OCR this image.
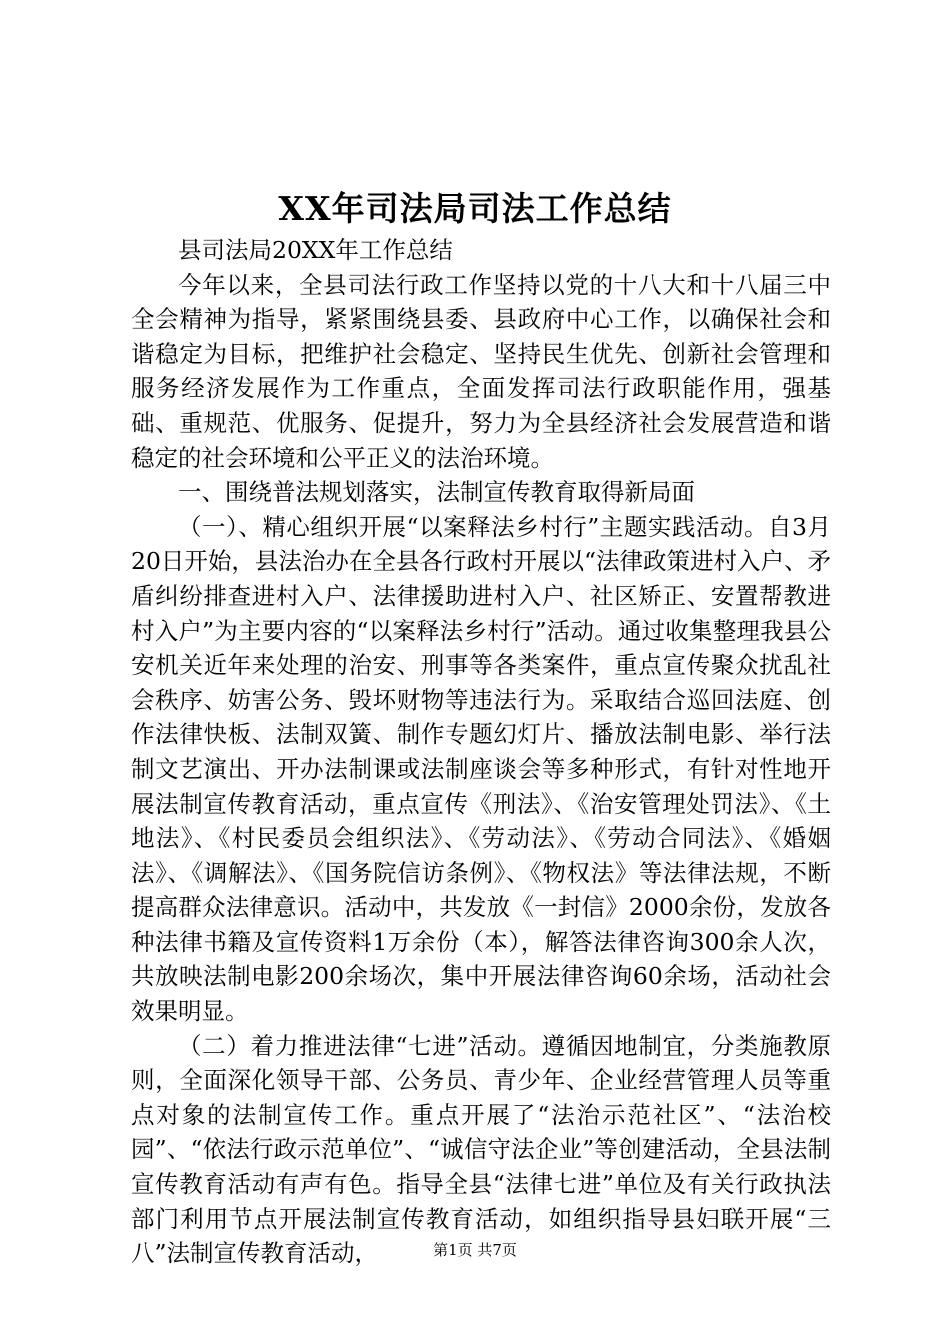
XX年司法局司法工作总结

县司法局20XX年工作总结

今年以来，全县司法行政工作坚持以党的十八大和十八届三中全会精神为指导，紧紧围绕县委、县政府中心工作，以确保社会和谐稳定为目标，把维护社会稳定、坚持民生优先、创新社会管理和服务经济发展作为工作重点，全面发挥司法行政职能作用，强基础、重规范、优服务、促提升，努力为全县经济社会发展营造和谐稳定的社会环境和公平正义的法治环境。

一、围绕普法规划落实，法制宣传教育取得新局面

（一）、精心组织开展“以案释法乡村行”主题实践活动。自3月20日开始，县法治办在全县各行政村开展以“法律政策进村入户、矛盾纠纷排查进村入户、法律援助进村入户、社区矫正、安置帮教进村入户”为主要内容的“以案释法乡村行”活动。通过收集整理我县公安机关近年来处理的治安、刑事等各类案件，重点宣传聚众扰乱社会秩序、妨害公务、毁坏财物等违法行为。采取结合巡回法庭、创作法律快板、法制双簧、制作专题幻灯片、播放法制电影、举行法制文艺演出、开办法制课或法制座谈会等多种形式，有针对性地开展法制宣传教育活动，重点宣传《刑法》、《治安管理处罚法》、《土地法》、《村民委员会组织法》、《劳动法》、《劳动合同法》、《婚姻法》、《调解法》、《国务院信访条例》、《物权法》等法律法规，不断提高群众法律意识。活动中，共发放《一封信》2000余份，发放各种法律书籍及宣传资料1万余份（本），解答法律咨询300余人次，共放映法制电影200余场次，集中开展法律咨询60余场，活动社会效果明显。

（二）着力推进法律“七进”活动。遵循因地制宜，分类施教原则，全面深化领导干部、公务员、青少年、企业经营管理人员等重点对象的法制宣传工作。重点开展了“法治示范社区”、“法治校园”、“依法行政示范单位”、“诚信守法企业”等创建活动，全县法制宣传教育活动有声有色。指导全县“法律七进”单位及有关行政执法部门利用节点开展法制宣传教育活动，如组织指导县妇联开展“三八”法制宣传教育活动，	第1页 共7页
